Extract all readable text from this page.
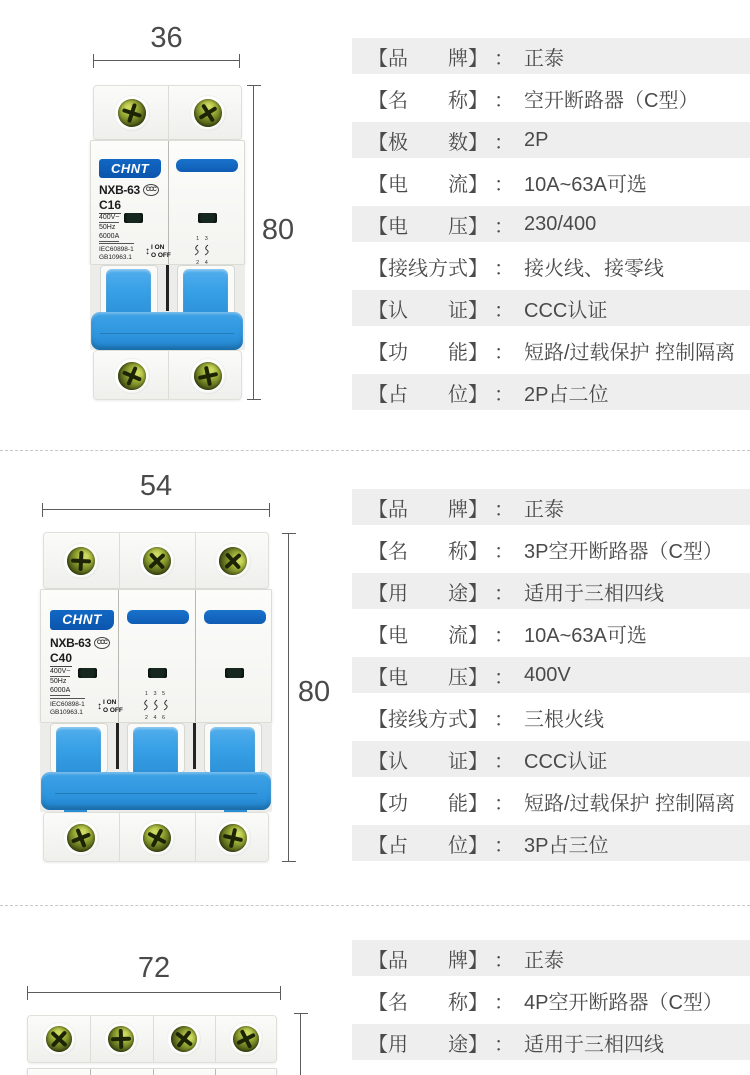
36
80
CHNT
NXB-63	CCC
C16
400V~
50Hz
6000A
IEC60898-1
GB10963.1
↕ I ON
O OFF
1 3
2 4
【 品牌 】 ： 正泰
【 名称 】 ： 空开断路器（C型）
【 极数 】 ： 2P
【 电流 】 ： 10A~63A可选
【 电压 】 ： 230/400
【 接线方式 】 ： 接火线、接零线
【 认证 】 ： CCC认证
【 功能 】 ： 短路/过载保护 控制隔离
【 占位 】 ： 2P占二位
54
80
CHNT
NXB-63	CCC
C40
400V~
50Hz
6000A
IEC60898-1
GB10963.1
↕ I ON
O OFF
1 3 5
2 4 6
【 品牌 】 ： 正泰
【 名称 】 ： 3P空开断路器（C型）
【 用途 】 ： 适用于三相四线
【 电流 】 ： 10A~63A可选
【 电压 】 ： 400V
【 接线方式 】 ： 三根火线
【 认证 】 ： CCC认证
【 功能 】 ： 短路/过载保护 控制隔离
【 占位 】 ： 3P占三位
72	【 品牌 】 ： 正泰
【 名称 】 ： 4P空开断路器（C型）
【 用途 】 ： 适用于三相四线
